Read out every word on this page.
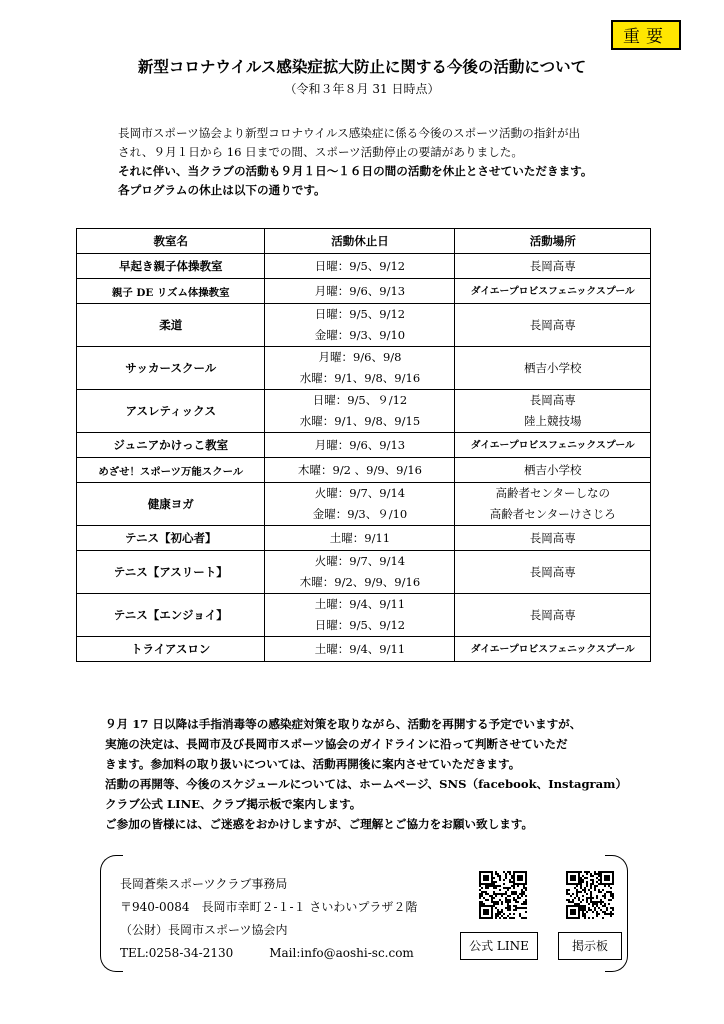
重要
新型コロナウイルス感染症拡大防止に関する今後の活動について
（令和３年８月 31 日時点）
長岡市スポーツ協会より新型コロナウイルス感染症に係る今後のスポーツ活動の指針が出
され、９月１日から 16 日までの間、スポーツ活動停止の要請がありました。
それに伴い、当クラブの活動も９月１日～１６日の間の活動を休止とさせていただきます。
各プログラムの休止は以下の通りです。
教室名	活動休止日	活動場所
早起き親子体操教室	日曜：9/5、9/12	長岡高専

親子 DE リズム体操教室	月曜：9/6、9/13	ダイエープロビスフェニックスプール

柔道	日曜：9/5、9/12
金曜：9/3、9/10	長岡高専

サッカースクール	月曜：9/6、9/8
水曜：9/1、9/8、9/16	栖吉小学校

アスレティックス	日曜：9/5、９/12
水曜：9/1、9/8、9/15	長岡高専
陸上競技場

ジュニアかけっこ教室	月曜：9/6、9/13	ダイエープロビスフェニックスプール

めざせ！スポーツ万能スクール	木曜：9/2 、9/9、9/16	栖吉小学校

健康ヨガ	火曜：9/7、9/14
金曜：9/3、９/10	高齢者センターしなの
高齢者センターけさじろ

テニス【初心者】	土曜：9/11	長岡高専

テニス【アスリート】	火曜：9/7、9/14
木曜：9/2、9/9、9/16	長岡高専

テニス【エンジョイ】	土曜：9/4、9/11
日曜：9/5、9/12	長岡高専

トライアスロン	土曜：9/4、9/11	ダイエープロビスフェニックスプール
９月 17 日以降は手指消毒等の感染症対策を取りながら、活動を再開する予定でいますが、
実施の決定は、長岡市及び長岡市スポーツ協会のガイドラインに沿って判断させていただ
きます。参加料の取り扱いについては、活動再開後に案内させていただきます。
活動の再開等、今後のスケジュールについては、ホームページ、SNS（facebook、Instagram）
クラブ公式 LINE、クラブ掲示板で案内します。
ご参加の皆様には、ご迷惑をおかけしますが、ご理解とご協力をお願い致します。
長岡蒼柴スポーツクラブ事務局
〒940-0084　長岡市幸町２‐１‐１ さいわいプラザ２階
（公財）長岡市スポーツ協会内
TEL:0258-34-2130	Mail:info@aoshi-sc.com	公式 LINE	掲示板
